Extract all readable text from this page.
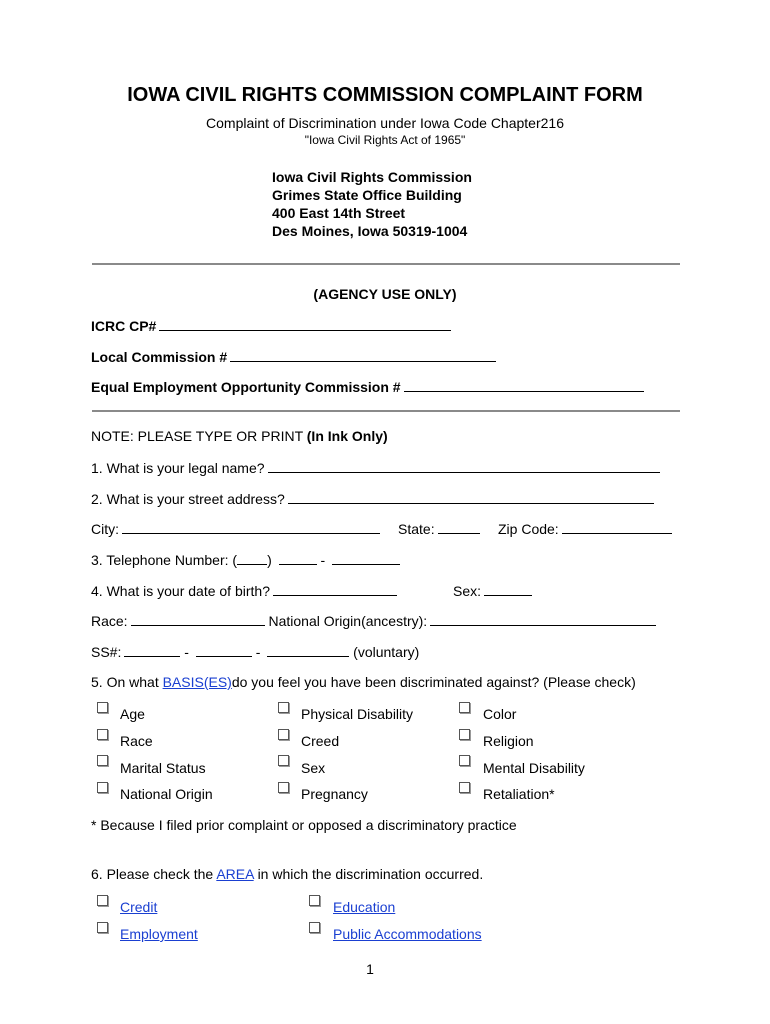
IOWA CIVIL RIGHTS COMMISSION COMPLAINT FORM
Complaint of Discrimination under Iowa Code Chapter216
"Iowa Civil Rights Act of 1965"
Iowa Civil Rights Commission
Grimes State Office Building
400 East 14th Street
Des Moines, Iowa 50319-1004
(AGENCY USE ONLY)
ICRC CP#
Local Commission #
Equal Employment Opportunity Commission #
NOTE: PLEASE TYPE OR PRINT (In Ink Only)
1. What is your legal name?
2. What is your street address?
City:	State:	Zip Code:
3. Telephone Number: ( )	-
4. What is your date of birth?	Sex:
Race:	National Origin(ancestry):
SS#:	-	-	(voluntary)
5. On what BASIS(ES)do you feel you have been discriminated against? (Please check)
Age	Physical Disability	Color
Race	Creed	Religion
Marital Status	Sex	Mental Disability
National Origin	Pregnancy	Retaliation*
* Because I filed prior complaint or opposed a discriminatory practice
6. Please check the AREA in which the discrimination occurred.
Credit	Education
Employment	Public Accommodations
1
